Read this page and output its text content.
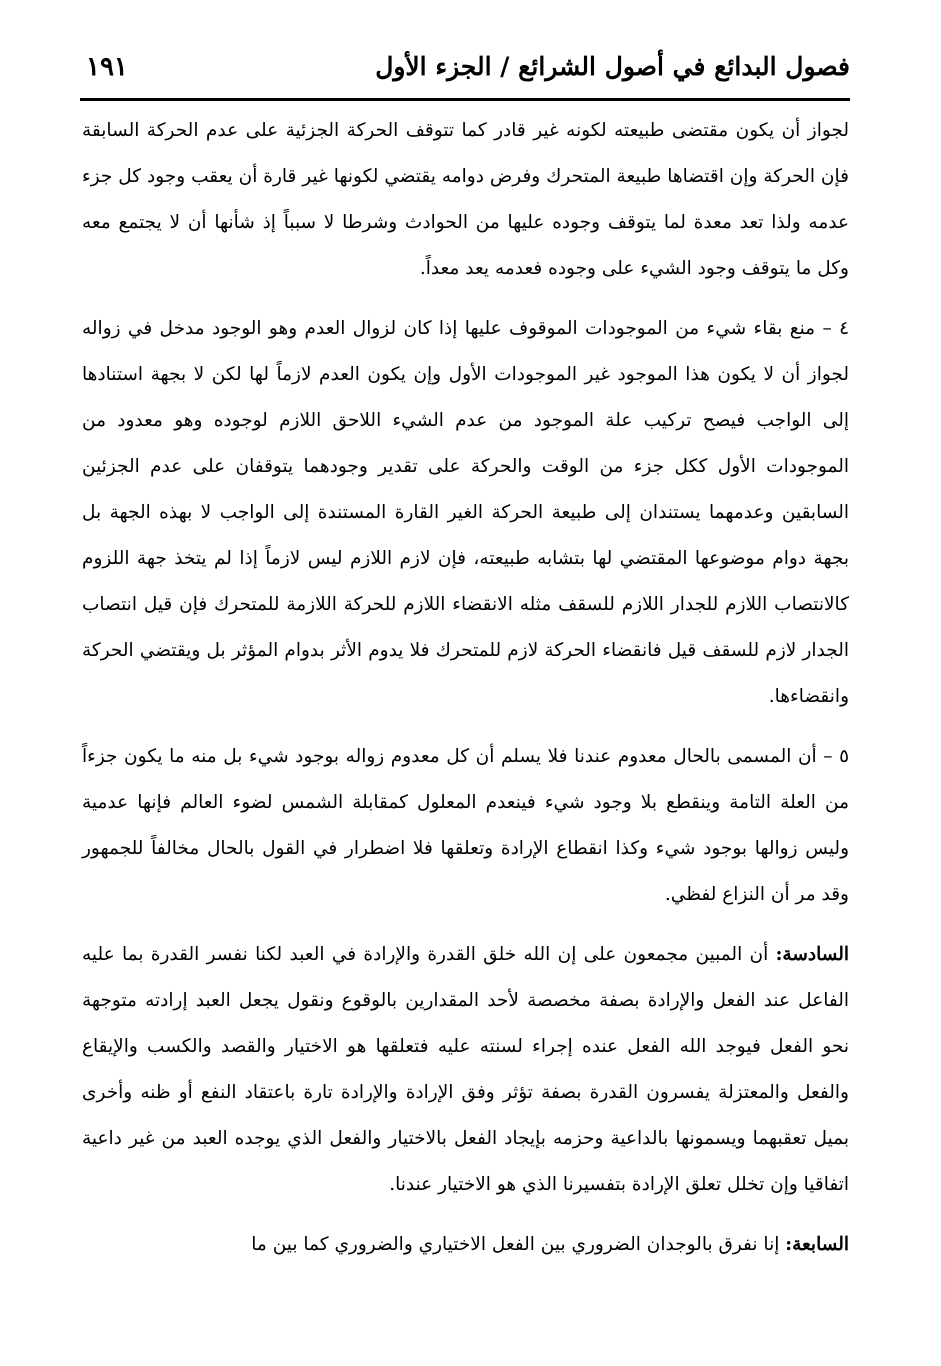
فصول البدائع في أصول الشرائع / الجزء الأول
١٩١

لجواز أن يكون مقتضى طبيعته لكونه غير قادر كما تتوقف الحركة الجزئية على عدم الحركة السابقة فإن الحركة وإن اقتضاها طبيعة المتحرك وفرض دوامه يقتضي لكونها غير قارة أن يعقب وجود كل جزء عدمه ولذا تعد معدة لما يتوقف وجوده عليها من الحوادث وشرطا لا سبباً إذ شأنها أن لا يجتمع معه وكل ما يتوقف وجود الشيء على وجوده فعدمه يعد معداً.

٤ – منع بقاء شيء من الموجودات الموقوف عليها إذا كان لزوال العدم وهو الوجود مدخل في زواله لجواز أن لا يكون هذا الموجود غير الموجودات الأول وإن يكون العدم لازماً لها لكن لا بجهة استنادها إلى الواجب فيصح تركيب علة الموجود من عدم الشيء اللاحق اللازم لوجوده وهو معدود من الموجودات الأول ككل جزء من الوقت والحركة على تقدير وجودهما يتوقفان على عدم الجزئين السابقين وعدمهما يستندان إلى طبيعة الحركة الغير القارة المستندة إلى الواجب لا بهذه الجهة بل بجهة دوام موضوعها المقتضي لها بتشابه طبيعته، فإن لازم اللازم ليس لازماً إذا لم يتخذ جهة اللزوم كالانتصاب اللازم للجدار اللازم للسقف مثله الانقضاء اللازم للحركة اللازمة للمتحرك فإن قيل انتصاب الجدار لازم للسقف قيل فانقضاء الحركة لازم للمتحرك فلا يدوم الأثر بدوام المؤثر بل ويقتضي الحركة وانقضاءها.

٥ – أن المسمى بالحال معدوم عندنا فلا يسلم أن كل معدوم زواله بوجود شيء بل منه ما يكون جزءاً من العلة التامة وينقطع بلا وجود شيء فينعدم المعلول كمقابلة الشمس لضوء العالم فإنها عدمية وليس زوالها بوجود شيء وكذا انقطاع الإرادة وتعلقها فلا اضطرار في القول بالحال مخالفاً للجمهور وقد مر أن النزاع لفظي.

السادسة: أن المبين مجمعون على إن الله خلق القدرة والإرادة في العبد لكنا نفسر القدرة بما عليه الفاعل عند الفعل والإرادة بصفة مخصصة لأحد المقدارين بالوقوع ونقول يجعل العبد إرادته متوجهة نحو الفعل فيوجد الله الفعل عنده إجراء لسنته عليه فتعلقها هو الاختيار والقصد والكسب والإيقاع والفعل والمعتزلة يفسرون القدرة بصفة تؤثر وفق الإرادة والإرادة تارة باعتقاد النفع أو ظنه وأخرى بميل تعقبهما ويسمونها بالداعية وحزمه بإيجاد الفعل بالاختيار والفعل الذي يوجده العبد من غير داعية اتفاقيا وإن تخلل تعلق الإرادة بتفسيرنا الذي هو الاختيار عندنا.

السابعة: إنا نفرق بالوجدان الضروري بين الفعل الاختياري والضروري كما بين ما
